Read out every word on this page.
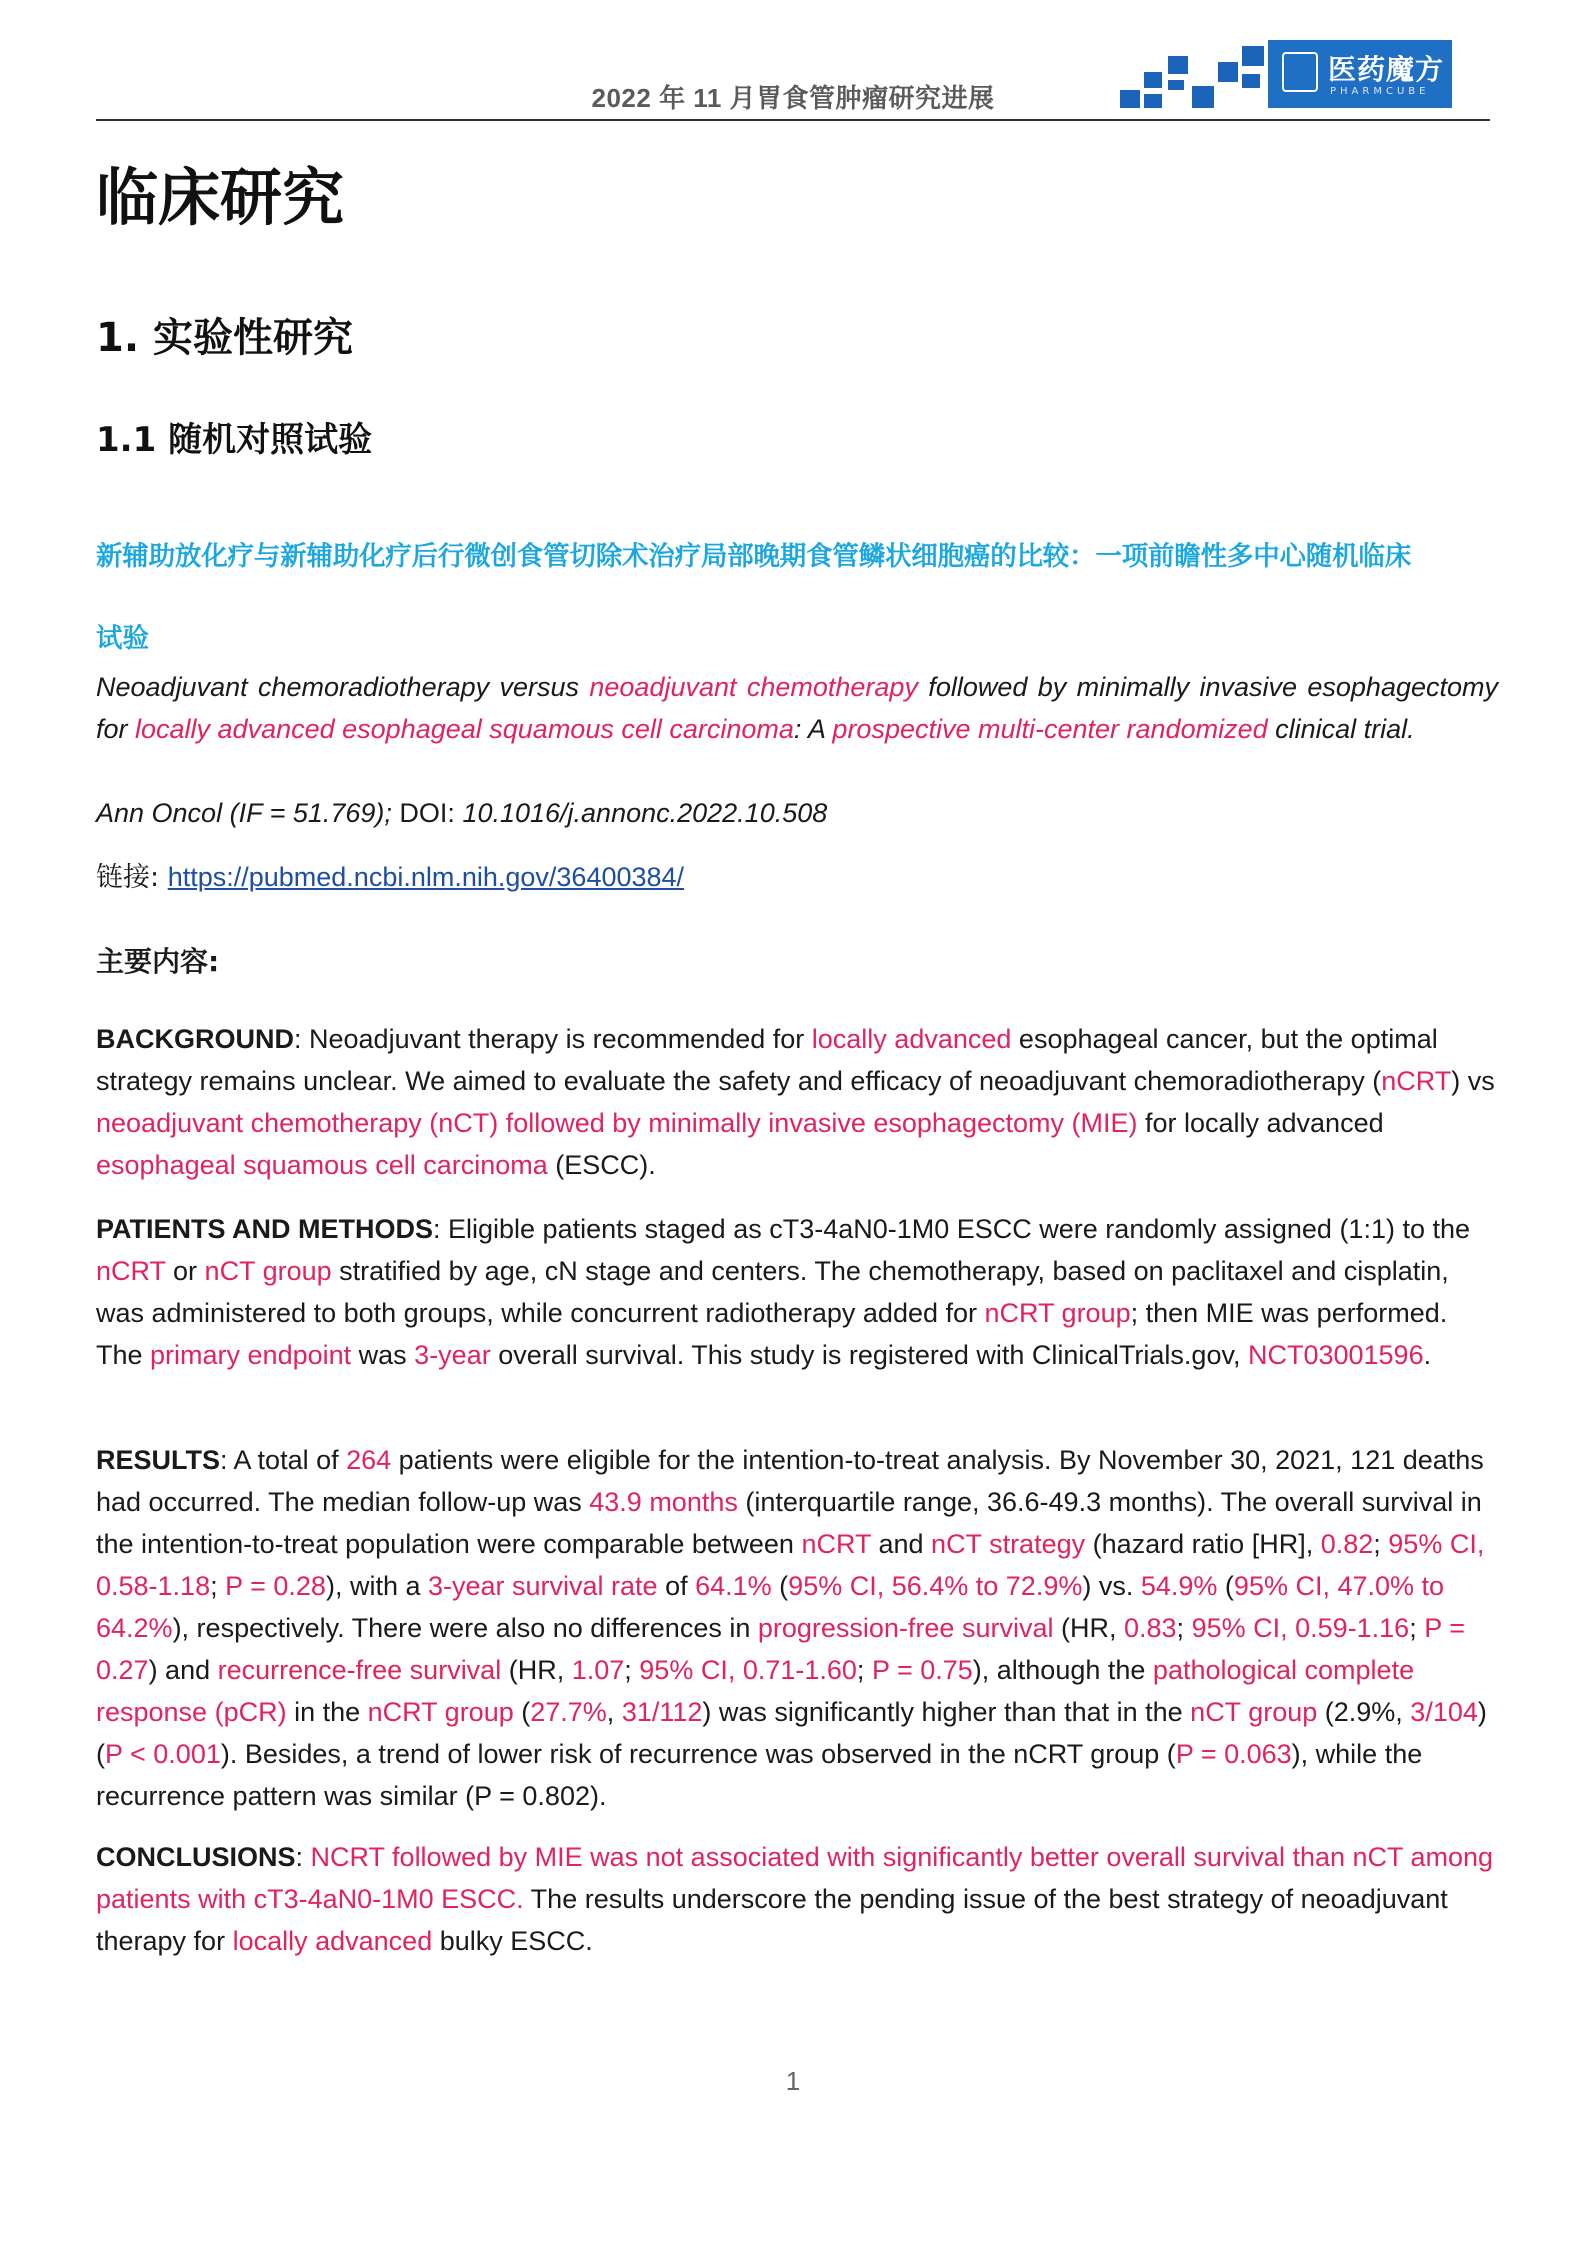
2022 年 11 月胃食管肿瘤研究进展
医药魔方
PHARMCUBE
临床研究
1. 实验性研究
1.1 随机对照试验
新辅助放化疗与新辅助化疗后行微创食管切除术治疗局部晚期食管鳞状细胞癌的比较：一项前瞻性多中心随机临床
试验
Neoadjuvant chemoradiotherapy versus neoadjuvant chemotherapy followed by minimally invasive esophagectomy for locally advanced esophageal squamous cell carcinoma: A prospective multi-center randomized clinical trial.
Ann Oncol (IF = 51.769); DOI: 10.1016/j.annonc.2022.10.508
链接: https://pubmed.ncbi.nlm.nih.gov/36400384/
主要内容:
BACKGROUND: Neoadjuvant therapy is recommended for locally advanced esophageal cancer, but the optimal strategy remains unclear. We aimed to evaluate the safety and efficacy of neoadjuvant chemoradiotherapy (nCRT) vs neoadjuvant chemotherapy (nCT) followed by minimally invasive esophagectomy (MIE) for locally advanced esophageal squamous cell carcinoma (ESCC).
PATIENTS AND METHODS: Eligible patients staged as cT3-4aN0-1M0 ESCC were randomly assigned (1:1) to the nCRT or nCT group stratified by age, cN stage and centers. The chemotherapy, based on paclitaxel and cisplatin, was administered to both groups, while concurrent radiotherapy added for nCRT group; then MIE was performed. The primary endpoint was 3-year overall survival. This study is registered with ClinicalTrials.gov, NCT03001596.
RESULTS: A total of 264 patients were eligible for the intention-to-treat analysis. By November 30, 2021, 121 deaths had occurred. The median follow-up was 43.9 months (interquartile range, 36.6-49.3 months). The overall survival in the intention-to-treat population were comparable between nCRT and nCT strategy (hazard ratio [HR], 0.82; 95% CI, 0.58-1.18; P = 0.28), with a 3-year survival rate of 64.1% (95% CI, 56.4% to 72.9%) vs. 54.9% (95% CI, 47.0% to 64.2%), respectively. There were also no differences in progression-free survival (HR, 0.83; 95% CI, 0.59-1.16; P = 0.27) and recurrence-free survival (HR, 1.07; 95% CI, 0.71-1.60; P = 0.75), although the pathological complete response (pCR) in the nCRT group (27.7%, 31/112) was significantly higher than that in the nCT group (2.9%, 3/104) (P < 0.001). Besides, a trend of lower risk of recurrence was observed in the nCRT group (P = 0.063), while the recurrence pattern was similar (P = 0.802).
CONCLUSIONS: NCRT followed by MIE was not associated with significantly better overall survival than nCT among patients with cT3-4aN0-1M0 ESCC. The results underscore the pending issue of the best strategy of neoadjuvant therapy for locally advanced bulky ESCC.
1
